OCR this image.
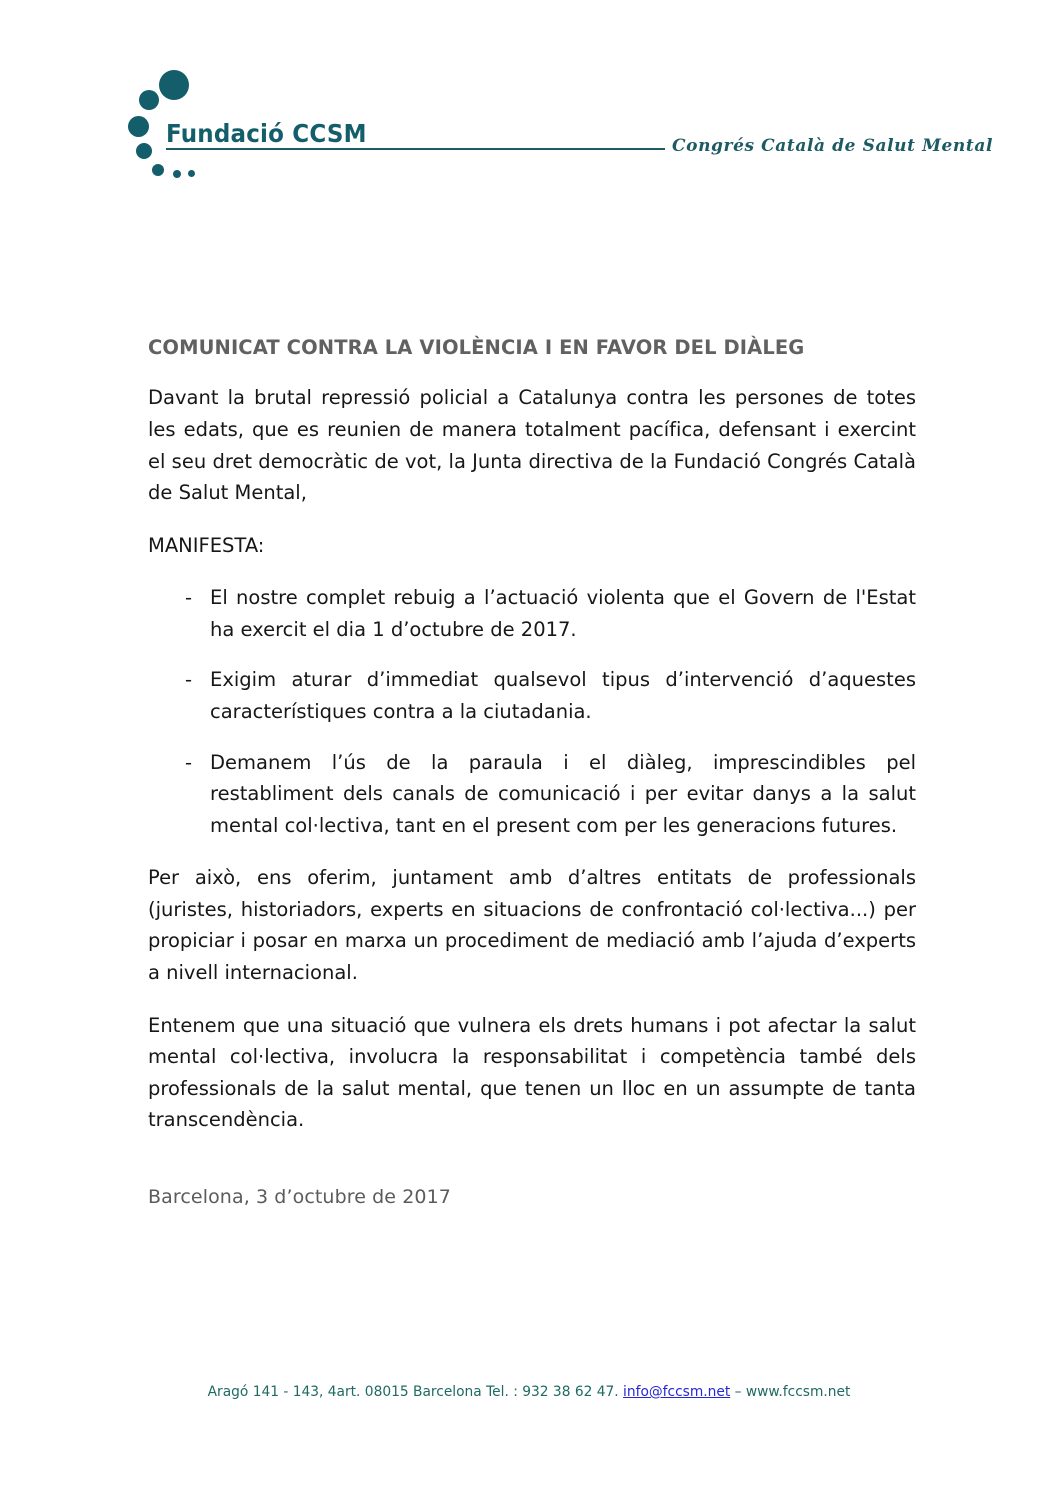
Fundació CCSM	Congrés Català de Salut Mental
COMUNICAT CONTRA LA VIOLÈNCIA I EN FAVOR DEL DIÀLEG

Davant la brutal repressió policial a Catalunya contra les persones de totes les edats, que es reunien de manera totalment pacífica, defensant i exercint el seu dret democràtic de vot, la Junta directiva de la Fundació Congrés Català de Salut Mental,

MANIFESTA:

- El nostre complet rebuig a l’actuació violenta que el Govern de l'Estat ha exercit el dia 1 d’octubre de 2017.
- Exigim aturar d’immediat qualsevol tipus d’intervenció d’aquestes característiques contra a la ciutadania.
- Demanem l’ús de la paraula i el diàleg, imprescindibles pel restabliment dels canals de comunicació i per evitar danys a la salut mental col·lectiva, tant en el present com per les generacions futures.

Per això, ens oferim, juntament amb d’altres entitats de professionals (juristes, historiadors, experts en situacions de confrontació col·lectiva...) per propiciar i posar en marxa un procediment de mediació amb l’ajuda d’experts a nivell internacional.

Entenem que una situació que vulnera els drets humans i pot afectar la salut mental col·lectiva, involucra la responsabilitat i competència també dels professionals de la salut mental, que tenen un lloc en un assumpte de tanta transcendència.

Barcelona, 3 d’octubre de 2017
Aragó 141 - 143, 4art. 08015 Barcelona Tel. : 932 38 62 47. info@fccsm.net – www.fccsm.net
